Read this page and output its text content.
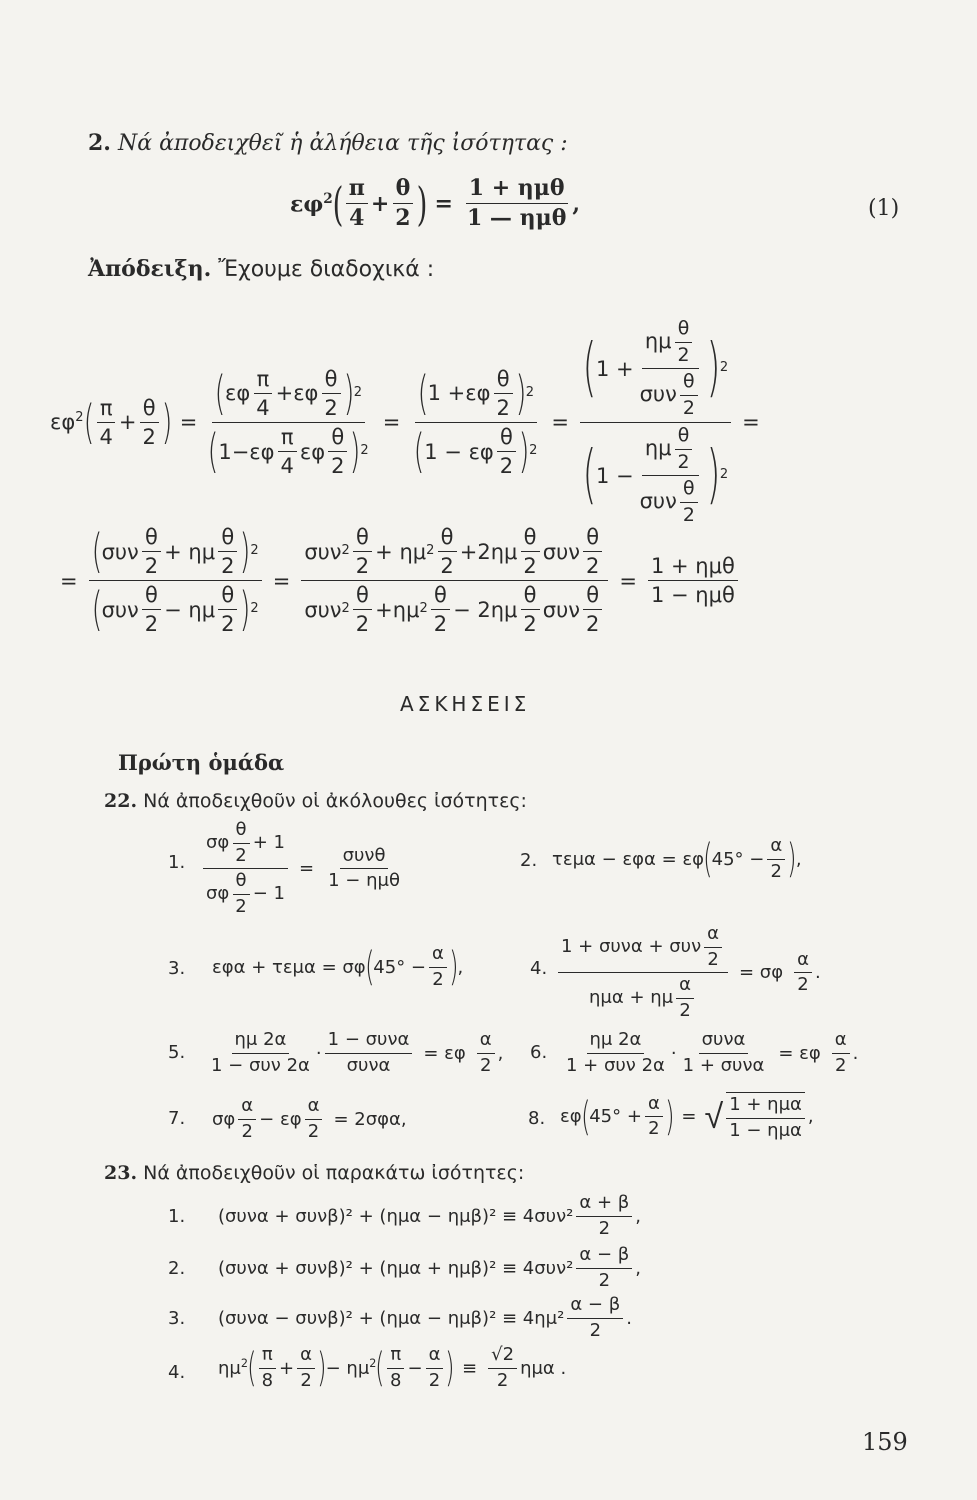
2. Νά ἀποδειχθεῖ ἡ ἀλήθεια τῆς ἰσότητας :
$\varepsilon\varphi^2$ ( $\frac{\pi}{4} + \frac{\theta}{2}$ ) = $\frac{\text{1 + ημθ}}{\text{1 — ημθ}}$ ,	(1)
Ἀπόδειξη. Ἔχουμε διαδοχικά :
$\varepsilon\varphi^2$ ( $\frac{\pi}{4} + \frac{\theta}{2}$ ) = $\frac{( \varepsilon\varphi \frac{\pi}{4} +\varepsilon\varphi \frac{\theta}{2} ) 2}{( 1-\varepsilon\varphi \frac{\pi}{4} \varepsilon\varphi \frac{\theta}{2} ) 2} = \frac{( 1 +\varepsilon\varphi \frac{\theta}{2} ) 2}{( 1 - \varepsilon\varphi \frac{\theta}{2} ) 2} = \frac{( 1 + \frac{\eta\mu \frac{\theta}{2}}{\sigma\upsilon\nu \frac{\theta}{2}} ) 2}{( 1 - \frac{\eta\mu \frac{\theta}{2}}{\sigma\upsilon\nu \frac{\theta}{2}} ) 2}$ =
= $\frac{( \sigma\upsilon\nu \frac{\theta}{2} + \eta\mu \frac{\theta}{2} ) 2}{( \sigma\upsilon\nu \frac{\theta}{2} - \eta\mu \frac{\theta}{2} ) 2} = \frac{\sigma\upsilon\nu 2 \frac{\theta}{2} + \eta\mu 2 \frac{\theta}{2} +2\eta\mu \frac{\theta}{2} \sigma\upsilon\nu \frac{\theta}{2}}{\sigma\upsilon\nu 2 \frac{\theta}{2} +\eta\mu 2 \frac{\theta}{2} - 2\eta\mu \frac{\theta}{2} \sigma\upsilon\nu \frac{\theta}{2}} = \frac{\text{1 + ημθ}}{\text{1 − ημθ}}$
ΑΣΚΗΣΕΙΣ
Πρώτη ὁμάδα
22. Νά ἀποδειχθοῦν οἱ ἀκόλουθες ἰσότητες:
1. $\frac{\sigma\varphi \frac{\theta}{2} + 1}{\sigma\varphi \frac{\theta}{2} - 1} = \frac{\text{συνθ}}{\text{1 − ημθ}}$	2. τεμα − εφα = εφ ( $45^\circ - \frac{\alpha}{2}$ ) ,
3. εφα + τεμα = σφ ( $45^\circ - \frac{\alpha}{2}$ ) ,	4. $\frac{1 + \sigma\upsilon\nu\alpha + \sigma\upsilon\nu \frac{\alpha}{2}}{\eta\mu\alpha + \eta\mu \frac{\alpha}{2}} = \sigma\varphi \frac{\alpha}{2}$ .
5. $\frac{\eta\mu 2\alpha}{\text{1 − συν 2α}} \cdot \frac{\text{1 − συνα}}{\text{συνα}} = \varepsilon\varphi \frac{\alpha}{2}$ , 6. $\frac{\eta\mu 2\alpha}{\text{1 + συν 2α}} \cdot \frac{\text{συνα}}{\text{1 + συνα}} = \varepsilon\varphi \frac{\alpha}{2}$ .
7. σφ $\frac{\alpha}{2} - \varepsilon\varphi \frac{\alpha}{2} = 2\sigma\varphi\alpha$,	8. εφ ( $45^\circ + \frac{\alpha}{2}$ ) = √ $\frac{\text{1 + ημα}}{\text{1 − ημα}}$ ,
23. Νά ἀποδειχθοῦν οἱ παρακάτω ἰσότητες:
1. $(\sigma\upsilon\nu\alpha + \sigma\upsilon\nu\beta)^2 + (\eta\mu\alpha - \eta\mu\beta)^2 \equiv 4\sigma\upsilon\nu^2 \frac{\alpha + \beta}{2}$ ,
2. $(\sigma\upsilon\nu\alpha + \sigma\upsilon\nu\beta)^2 + (\eta\mu\alpha + \eta\mu\beta)^2 \equiv 4\sigma\upsilon\nu^2 \frac{\alpha - \beta}{2}$ ,
3. $(\sigma\upsilon\nu\alpha - \sigma\upsilon\nu\beta)^2 + (\eta\mu\alpha - \eta\mu\beta)^2 \equiv 4\eta\mu^2 \frac{\alpha - \beta}{2}$ .
4. $\eta\mu^2$ ( $\frac{\pi}{8} + \frac{\alpha}{2}$ ) − $\eta\mu^2$ ( $\frac{\pi}{8} - \frac{\alpha}{2}$ ) ≡ $\frac{√2}{2}$ ημα .
159
